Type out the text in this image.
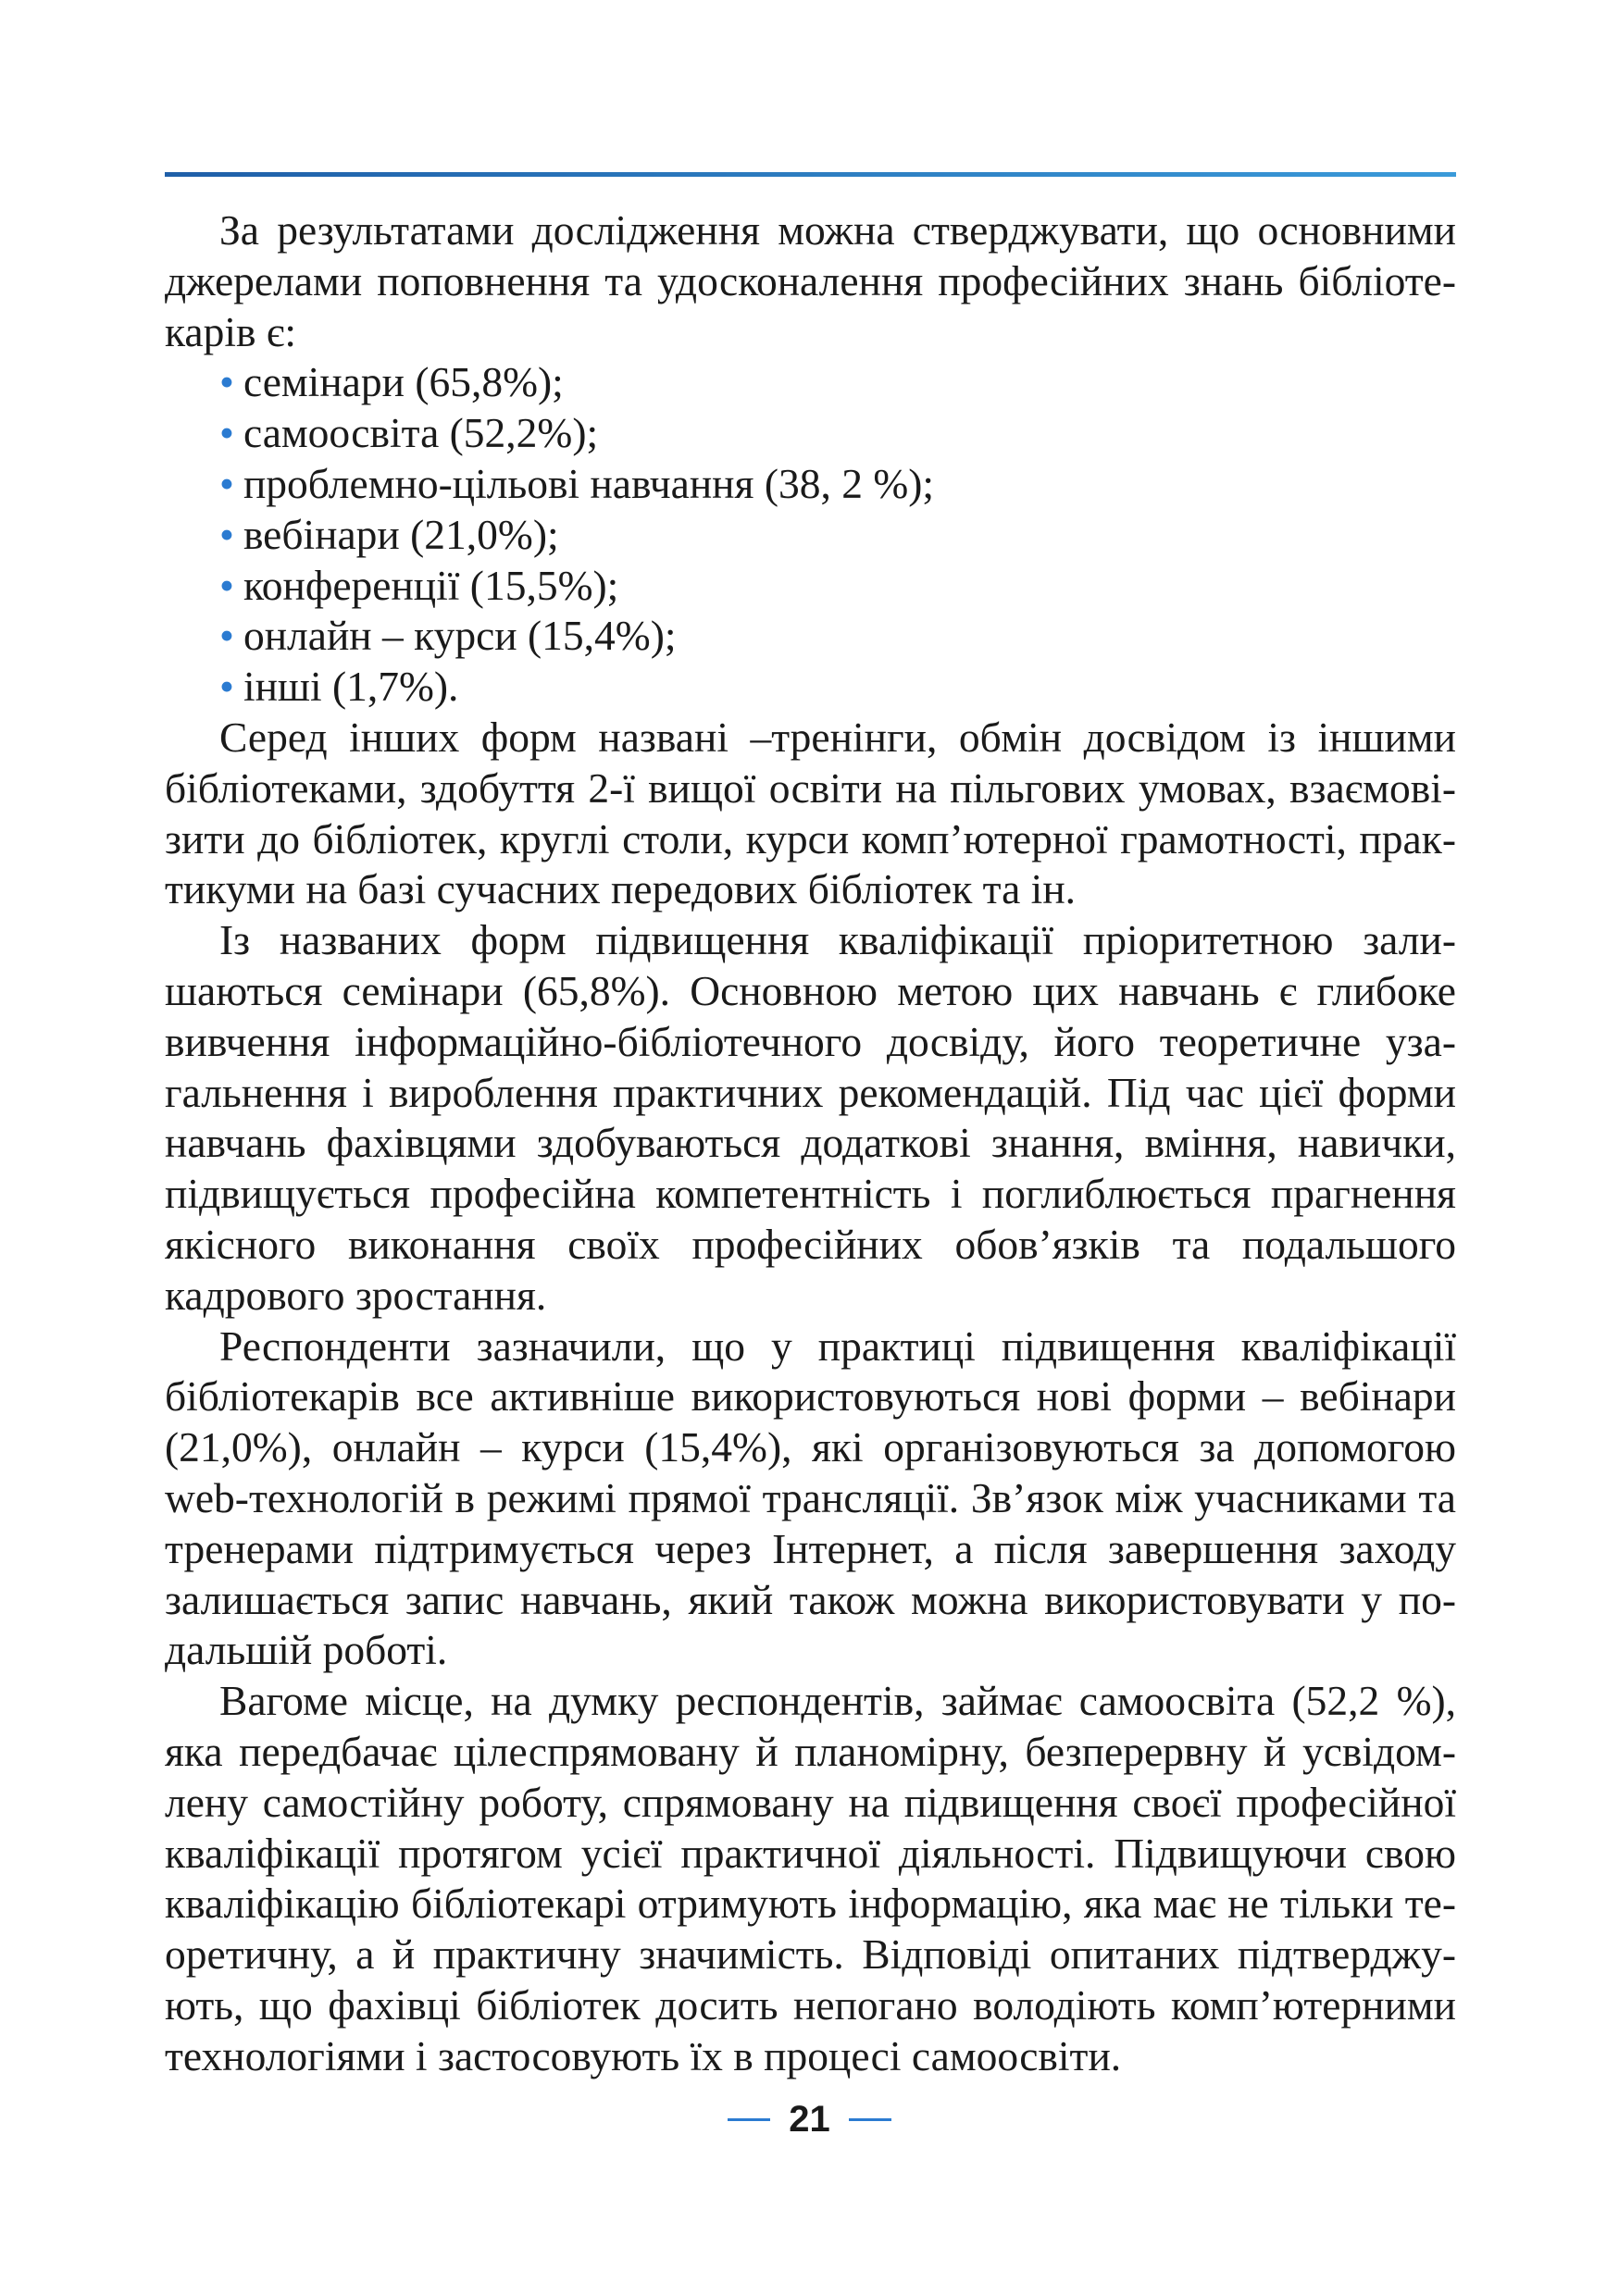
За результатами дослідження можна стверджувати, що основними джерелами поповнення та удосконалення професійних знань бібліотекарів є:

• семінари (65,8%);
• самоосвіта (52,2%);
• проблемно-цільові навчання (38, 2 %);
• вебінари (21,0%);
• конференції (15,5%);
• онлайн – курси (15,4%);
• інші (1,7%).

Серед інших форм названі –тренінги, обмін досвідом із іншими бібліотеками, здобуття 2-ї вищої освіти на пільгових умовах, взаємовізити до бібліотек, круглі столи, курси комп’ютерної грамотності, практикуми на базі сучасних передових бібліотек та ін.

Із названих форм підвищення кваліфікації пріоритетною залишаються семінари (65,8%). Основною метою цих навчань є глибоке вивчення інформаційно-бібліотечного досвіду, його теоретичне узагальнення і вироблення практичних рекомендацій. Під час цієї форми навчань фахівцями здобуваються додаткові знання, вміння, навички, підвищується професійна компетентність і поглиблюється прагнення якісного виконання своїх професійних обов’язків та подальшого кадрового зростання.

Респонденти зазначили, що у практиці підвищення кваліфікації бібліотекарів все активніше використовуються нові форми – вебінари (21,0%), онлайн – курси (15,4%), які організовуються за допомогою web-технологій в режимі прямої трансляції. Зв’язок між учасниками та тренерами підтримується через Інтернет, а після завершення заходу залишається запис навчань, який також можна використовувати у подальшій роботі.

Вагоме місце, на думку респондентів, займає самоосвіта (52,2 %), яка передбачає цілеспрямовану й планомірну, безперервну й усвідомлену самостійну роботу, спрямовану на підвищення своєї професійної кваліфікації протягом усієї практичної діяльності. Підвищуючи свою кваліфікацію бібліотекарі отримують інформацію, яка має не тільки теоретичну, а й практичну значимість. Відповіді опитаних підтверджують, що фахівці бібліотек досить непогано володіють комп’ютерними технологіями і застосовують їх в процесі самоосвіти.

21
